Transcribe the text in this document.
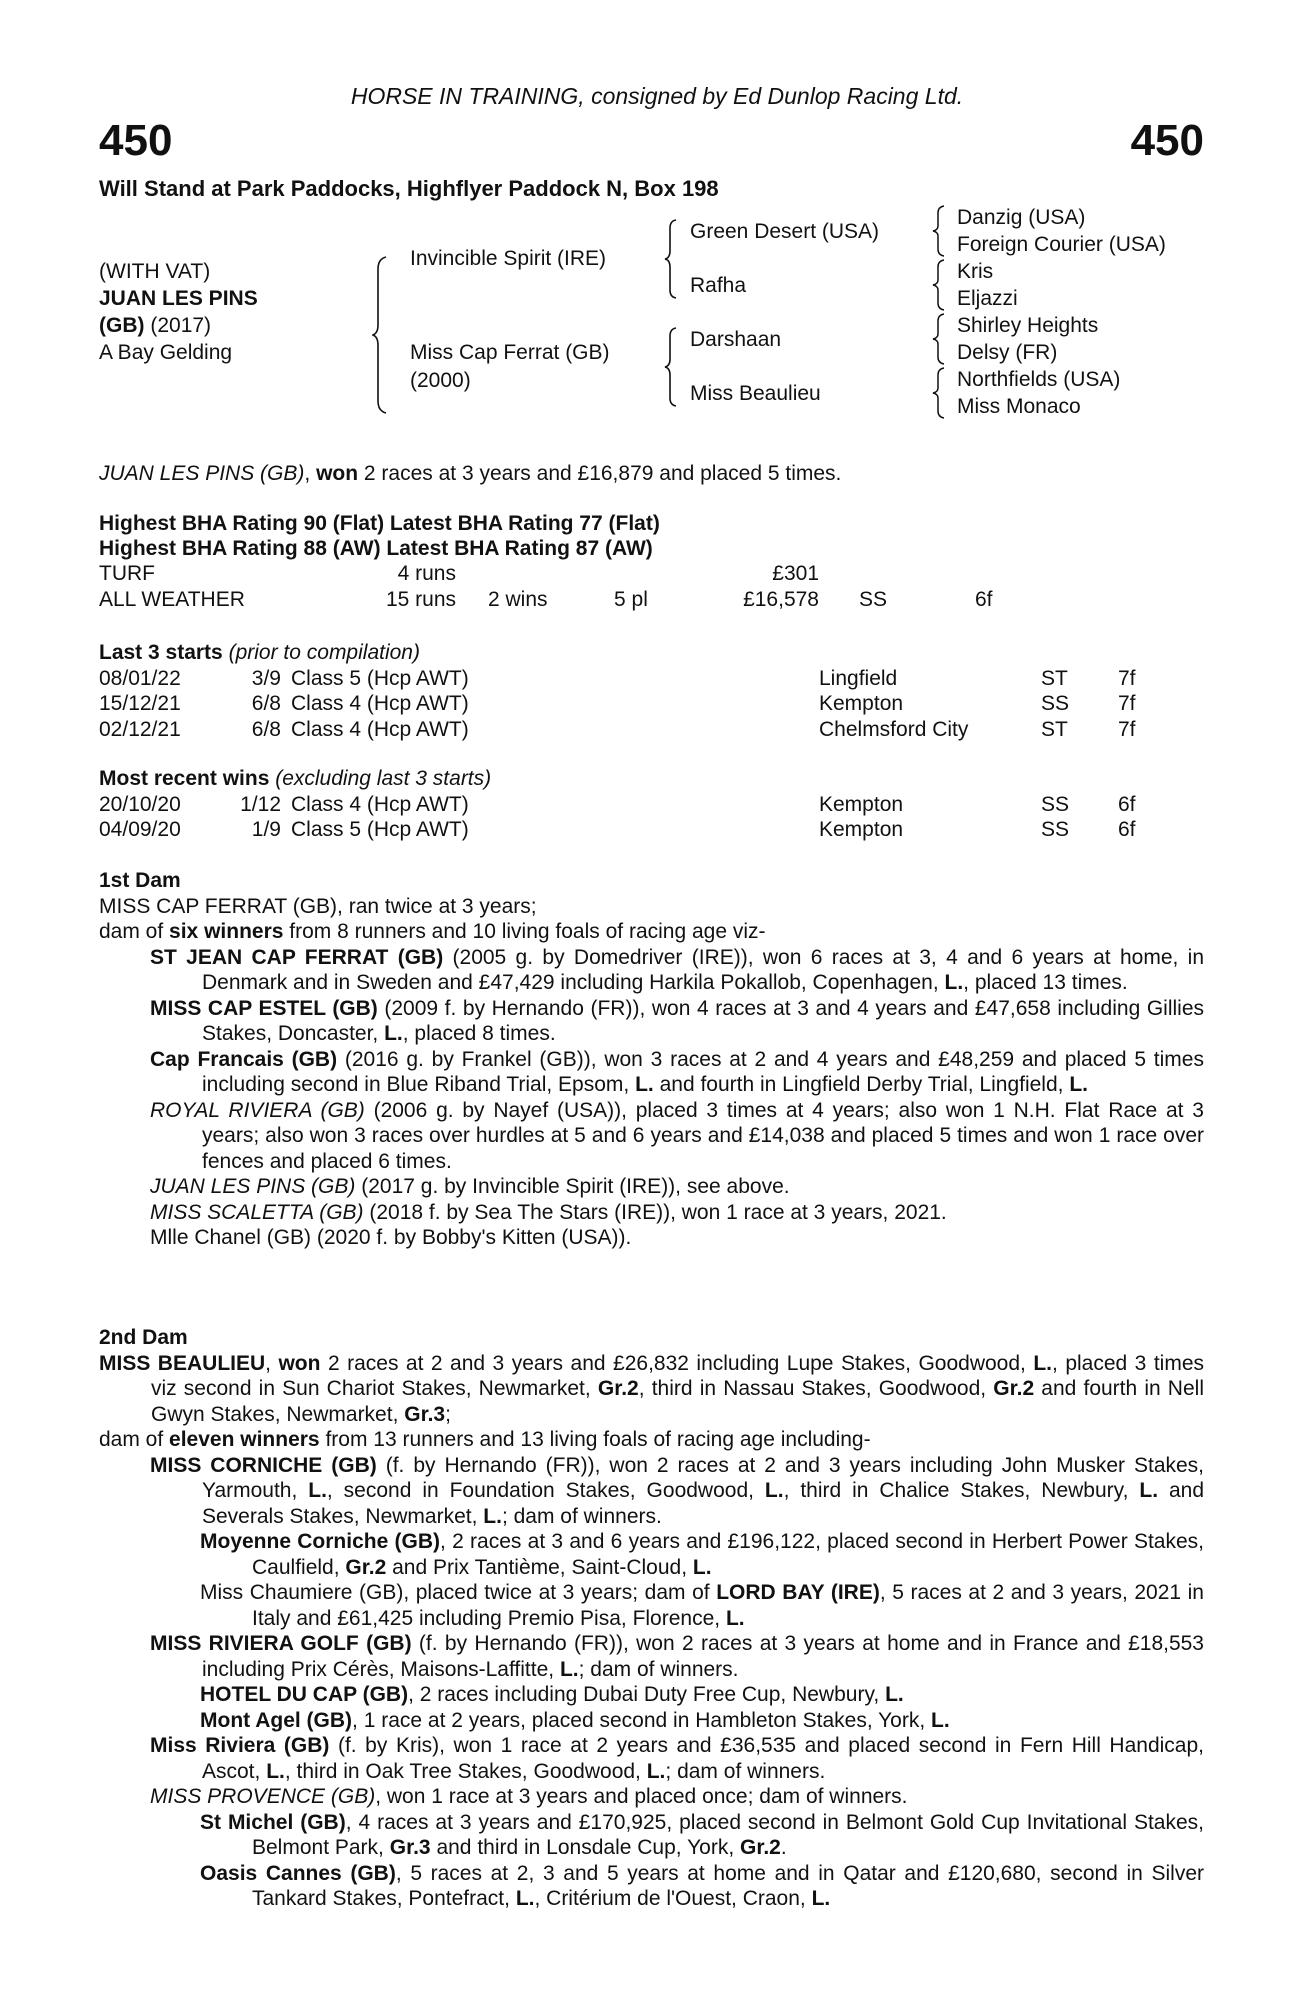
HORSE IN TRAINING, consigned by Ed Dunlop Racing Ltd.
450	450
Will Stand at Park Paddocks, Highflyer Paddock N, Box 198
(WITH VAT)
JUAN LES PINS
(GB) (2017)
A Bay Gelding
Invincible Spirit (IRE)
Miss Cap Ferrat (GB)
(2000)
Green Desert (USA)
Rafha
Darshaan
Miss Beaulieu
Danzig (USA)
Foreign Courier (USA)
Kris
Eljazzi
Shirley Heights
Delsy (FR)
Northfields (USA)
Miss Monaco
JUAN LES PINS (GB), won 2 races at 3 years and £16,879 and placed 5 times.
Highest BHA Rating 90 (Flat) Latest BHA Rating 77 (Flat)
Highest BHA Rating 88 (AW) Latest BHA Rating 87 (AW)
TURF	4 runs	£301
ALL WEATHER	15 runs 2 wins	5 pl	£16,578 SS	6f
Last 3 starts (prior to compilation)
08/01/22	3/9 Class 5 (Hcp AWT)	Lingfield	ST 7f
15/12/21	6/8 Class 4 (Hcp AWT)	Kempton	SS 7f
02/12/21	6/8 Class 4 (Hcp AWT)	Chelmsford City	ST 7f
Most recent wins (excluding last 3 starts)
20/10/20	1/12 Class 4 (Hcp AWT)	Kempton	SS 6f
04/09/20	1/9 Class 5 (Hcp AWT)	Kempton	SS 6f
1st Dam
MISS CAP FERRAT (GB), ran twice at 3 years;
dam of six winners from 8 runners and 10 living foals of racing age viz-
ST JEAN CAP FERRAT (GB) (2005 g. by Domedriver (IRE)), won 6 races at 3, 4 and 6 years at home, in Denmark and in Sweden and £47,429 including Harkila Pokallob, Copenhagen, L., placed 13 times.
MISS CAP ESTEL (GB) (2009 f. by Hernando (FR)), won 4 races at 3 and 4 years and £47,658 including Gillies Stakes, Doncaster, L., placed 8 times.
Cap Francais (GB) (2016 g. by Frankel (GB)), won 3 races at 2 and 4 years and £48,259 and placed 5 times including second in Blue Riband Trial, Epsom, L. and fourth in Lingfield Derby Trial, Lingfield, L.
ROYAL RIVIERA (GB) (2006 g. by Nayef (USA)), placed 3 times at 4 years; also won 1 N.H. Flat Race at 3 years; also won 3 races over hurdles at 5 and 6 years and £14,038 and placed 5 times and won 1 race over fences and placed 6 times.
JUAN LES PINS (GB) (2017 g. by Invincible Spirit (IRE)), see above.
MISS SCALETTA (GB) (2018 f. by Sea The Stars (IRE)), won 1 race at 3 years, 2021.
Mlle Chanel (GB) (2020 f. by Bobby's Kitten (USA)).
2nd Dam
MISS BEAULIEU, won 2 races at 2 and 3 years and £26,832 including Lupe Stakes, Goodwood, L., placed 3 times viz second in Sun Chariot Stakes, Newmarket, Gr.2, third in Nassau Stakes, Goodwood, Gr.2 and fourth in Nell Gwyn Stakes, Newmarket, Gr.3;
dam of eleven winners from 13 runners and 13 living foals of racing age including-
MISS CORNICHE (GB) (f. by Hernando (FR)), won 2 races at 2 and 3 years including John Musker Stakes, Yarmouth, L., second in Foundation Stakes, Goodwood, L., third in Chalice Stakes, Newbury, L. and Severals Stakes, Newmarket, L.; dam of winners.
Moyenne Corniche (GB), 2 races at 3 and 6 years and £196,122, placed second in Herbert Power Stakes, Caulfield, Gr.2 and Prix Tantième, Saint-Cloud, L.
Miss Chaumiere (GB), placed twice at 3 years; dam of LORD BAY (IRE), 5 races at 2 and 3 years, 2021 in Italy and £61,425 including Premio Pisa, Florence, L.
MISS RIVIERA GOLF (GB) (f. by Hernando (FR)), won 2 races at 3 years at home and in France and £18,553 including Prix Cérès, Maisons-Laffitte, L.; dam of winners.
HOTEL DU CAP (GB), 2 races including Dubai Duty Free Cup, Newbury, L.
Mont Agel (GB), 1 race at 2 years, placed second in Hambleton Stakes, York, L.
Miss Riviera (GB) (f. by Kris), won 1 race at 2 years and £36,535 and placed second in Fern Hill Handicap, Ascot, L., third in Oak Tree Stakes, Goodwood, L.; dam of winners.
MISS PROVENCE (GB), won 1 race at 3 years and placed once; dam of winners.
St Michel (GB), 4 races at 3 years and £170,925, placed second in Belmont Gold Cup Invitational Stakes, Belmont Park, Gr.3 and third in Lonsdale Cup, York, Gr.2.
Oasis Cannes (GB), 5 races at 2, 3 and 5 years at home and in Qatar and £120,680, second in Silver Tankard Stakes, Pontefract, L., Critérium de l'Ouest, Craon, L.
